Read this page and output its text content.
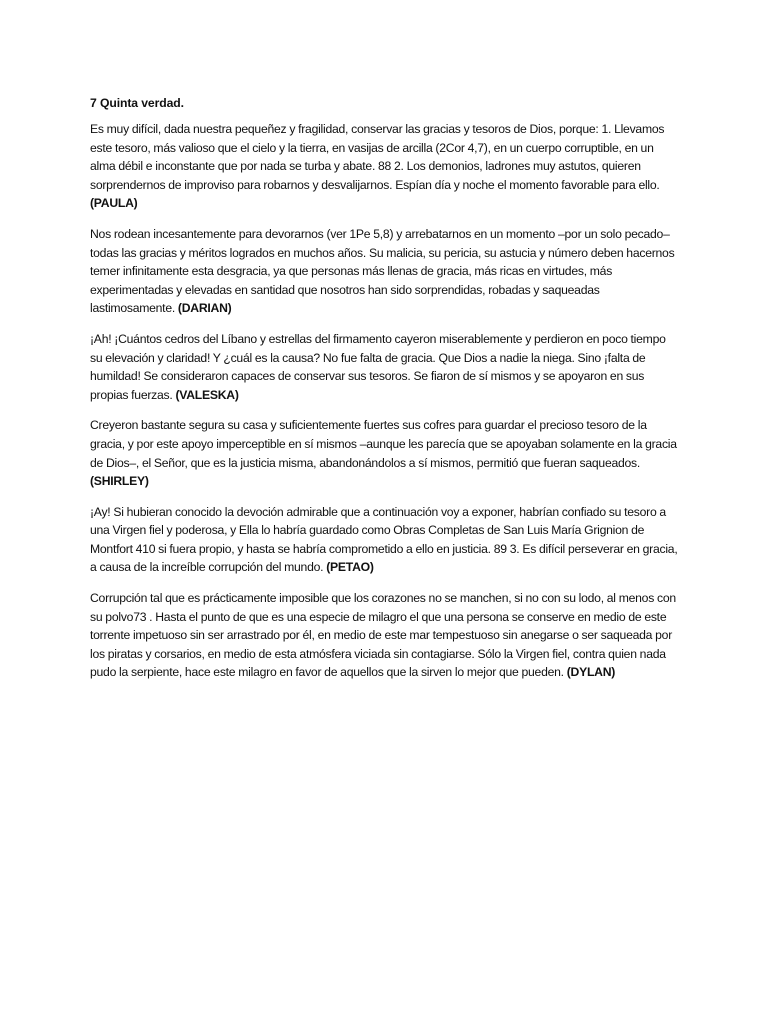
7 Quinta verdad.

Es muy difícil, dada nuestra pequeñez y fragilidad, conservar las gracias y tesoros de Dios, porque: 1. Llevamos este tesoro, más valioso que el cielo y la tierra, en vasijas de arcilla (2Cor 4,7), en un cuerpo corruptible, en un alma débil e inconstante que por nada se turba y abate. 88 2. Los demonios, ladrones muy astutos, quieren sorprendernos de improviso para robarnos y desvalijarnos. Espían día y noche el momento favorable para ello. (PAULA)

Nos rodean incesantemente para devorarnos (ver 1Pe 5,8) y arrebatarnos en un momento –por un solo pecado– todas las gracias y méritos logrados en muchos años. Su malicia, su pericia, su astucia y número deben hacernos temer infinitamente esta desgracia, ya que personas más llenas de gracia, más ricas en virtudes, más experimentadas y elevadas en santidad que nosotros han sido sorprendidas, robadas y saqueadas lastimosamente. (DARIAN)

¡Ah! ¡Cuántos cedros del Líbano y estrellas del firmamento cayeron miserablemente y perdieron en poco tiempo su elevación y claridad! Y ¿cuál es la causa? No fue falta de gracia. Que Dios a nadie la niega. Sino ¡falta de humildad! Se consideraron capaces de conservar sus tesoros. Se fiaron de sí mismos y se apoyaron en sus propias fuerzas. (VALESKA)

Creyeron bastante segura su casa y suficientemente fuertes sus cofres para guardar el precioso tesoro de la gracia, y por este apoyo imperceptible en sí mismos –aunque les parecía que se apoyaban solamente en la gracia de Dios–, el Señor, que es la justicia misma, abandonándolos a sí mismos, permitió que fueran saqueados. (SHIRLEY)

¡Ay! Si hubieran conocido la devoción admirable que a continuación voy a exponer, habrían confiado su tesoro a una Virgen fiel y poderosa, y Ella lo habría guardado como Obras Completas de San Luis María Grignion de Montfort 410 si fuera propio, y hasta se habría comprometido a ello en justicia. 89 3. Es difícil perseverar en gracia, a causa de la increíble corrupción del mundo. (PETAO)

Corrupción tal que es prácticamente imposible que los corazones no se manchen, si no con su lodo, al menos con su polvo73 . Hasta el punto de que es una especie de milagro el que una persona se conserve en medio de este torrente impetuoso sin ser arrastrado por él, en medio de este mar tempestuoso sin anegarse o ser saqueada por los piratas y corsarios, en medio de esta atmósfera viciada sin contagiarse. Sólo la Virgen fiel, contra quien nada pudo la serpiente, hace este milagro en favor de aquellos que la sirven lo mejor que pueden. (DYLAN)
